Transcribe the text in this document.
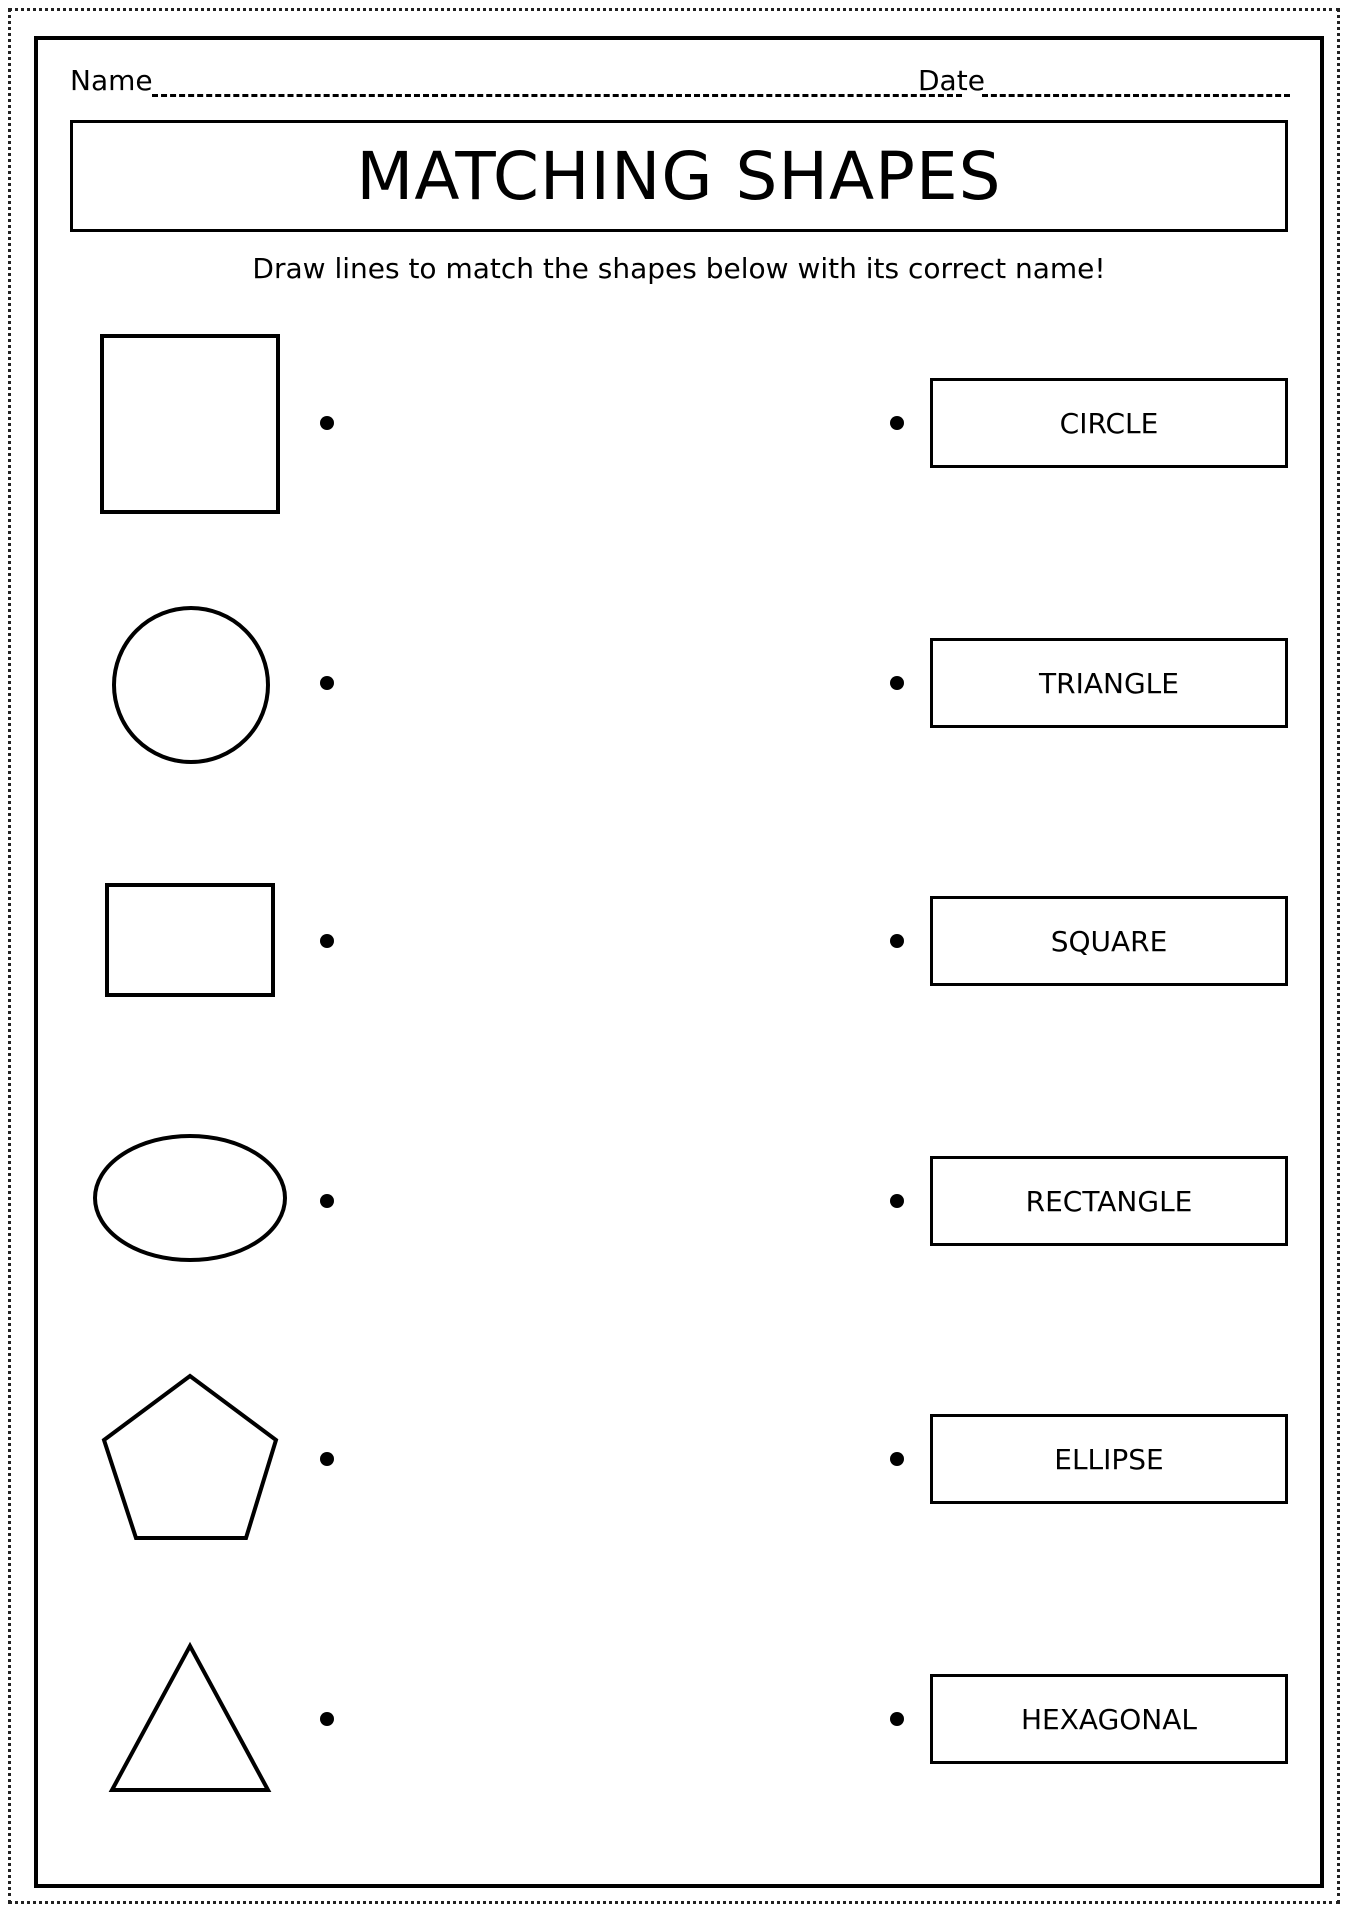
Name	Date
MATCHING SHAPES
Draw lines to match the shapes below with its correct name!
CIRCLE
TRIANGLE
SQUARE
RECTANGLE
ELLIPSE
HEXAGONAL
